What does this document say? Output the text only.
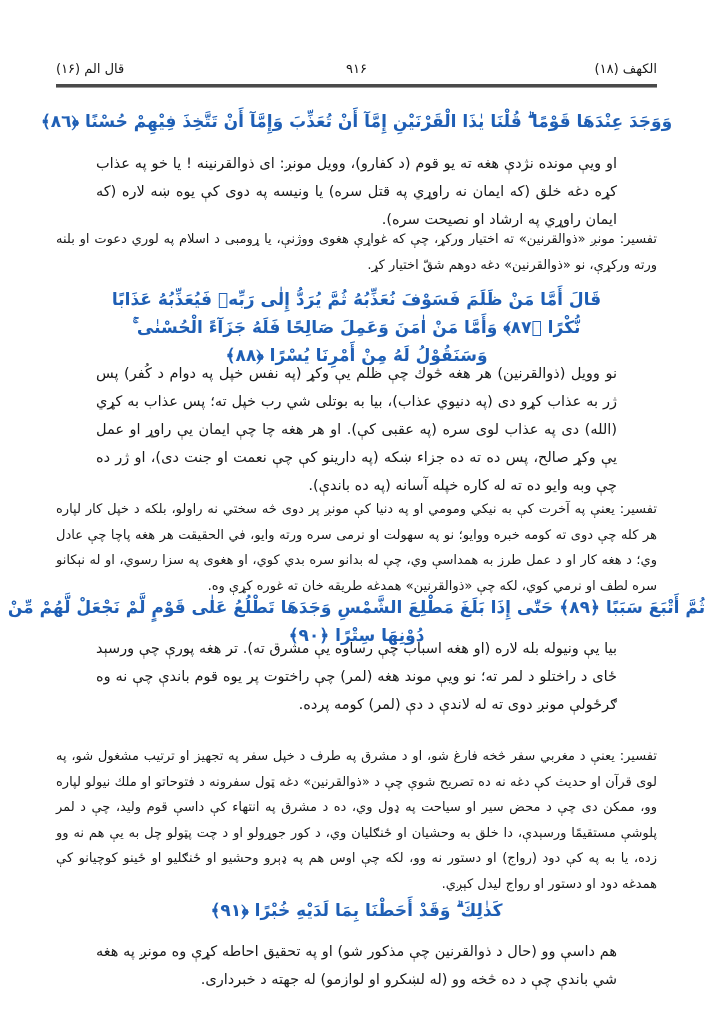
الكهف (١٨)
٩١۶
قال الم (١۶)
وَوَجَدَ عِنْدَهَا قَوْمًا ۗ قُلْنَا يٰذَا الْقَرْنَيْنِ إِمَّآ أَنْ تُعَذِّبَ وَإِمَّآ أَنْ تَتَّخِذَ فِيْهِمْ حُسْنًا ﴿٨٦﴾
او ويې مونده نژدې هغه ته يو قوم (د كفارو)، وويل مونږ: اى ذوالقرنينه ! يا خو په عذاب كړه دغه خلق (كه ايمان نه راوړي په قتل سره) يا ونيسه په دوى كې يوه ښه لاره (كه ايمان راوړي په ارشاد او نصيحت سره).
تفسير: مونږ «ذوالقرنين» ته اختيار وركړ، چې كه غواړې هغوى ووژنې، يا ړومبى د اسلام په لوري دعوت او بلنه ورته وركړې، نو «ذوالقرنين» دغه دوهم شقّ اختيار كړ.
قَالَ أَمَّا مَنْ ظَلَمَ فَسَوْفَ نُعَذِّبُهُ ثُمَّ يُرَدُّ إِلٰى رَبِّهٖ فَيُعَذِّبُهُ عَذَابًا نُّكْرًا ﴿٨٧﴾ وَأَمَّا مَنْ اٰمَنَ وَعَمِلَ صَالِحًا فَلَهُ جَزَآءً الْحُسْنٰى ۚ وَسَنَقُوْلُ لَهُ مِنْ أَمْرِنَا يُسْرًا ﴿٨٨﴾
نو وويل (ذوالقرنين) هر هغه څوك چې ظلم يې وكړ (په نفس خپل په دوام د كُفر) پس ژر به عذاب كړو دى (په دنيوي عذاب)، بيا به بوتلى شي رب خپل ته؛ پس عذاب به كړي (الله) دى په عذاب لوى سره (په عقبى كې). او هر هغه چا چې ايمان يې راوړ او عمل يې وكړ صالح، پس ده ته ده جزاء ښكه (په دارينو كې چې نعمت او جنت دى)، او ژر ده چې وبه وايو ده ته له كاره خپله آسانه (په ده باندې).
تفسير: يعنې په آخرت كې به نيكي ومومي او په دنيا كې مونږ پر دوى څه سختي نه راولو، بلكه د خپل كار لپاره هر كله چې دوى ته كومه خبره ووايو؛ نو په سهولت او نرمى سره ورته وايو، في الحقيقت هر هغه پاچا چې عادل وي؛ د هغه كار او د عمل طرز به همداسې وي، چې له بدانو سره بدي كوي، او هغوى په سزا رسوي، او له نېكانو سره لطف او نرمي كوي، لكه چې «ذوالقرنين» همدغه طريقه خان ته غوره كړې وه.
ثُمَّ أَتْبَعَ سَبَبًا ﴿٨٩﴾ حَتّٰى إِذَا بَلَغَ مَطْلِعَ الشَّمْسِ وَجَدَهَا تَطْلُعُ عَلٰى قَوْمٍ لَّمْ نَجْعَلْ لَّهُمْ مِّنْ دُوْنِهَا سِتْرًا ﴿٩٠﴾
بيا يې ونيوله بله لاره (او هغه اسباب چې رساوه يې مشرق ته). تر هغه پورې چې ورسېد ځاى د راختلو د لمر ته؛ نو ويې موند هغه (لمر) چې راختوت پر يوه قوم باندې چې نه وه ګرځولې مونږ دوى ته له لاندې د دې (لمر) كومه پرده.
تفسير: يعنې د مغربي سفر څخه فارغ شو، او د مشرق په طرف د خپل سفر په تجهيز او ترتيب مشغول شو، په لوى قرآن او حديث كې دغه نه ده تصريح شوې چې د «ذوالقرنين» دغه ټول سفرونه د فتوحاتو او ملك نيولو لپاره وو، ممكن دى چې د محض سير او سياحت په ډول وي، ده د مشرق په انتهاء كې داسې قوم وليد، چې د لمر پلوشې مستقيمًا ورسېدې، دا خلق به وحشيان او ځنګليان وي، د كور جوړولو او د چت پټولو چل به يې هم نه وو زده، يا به په كې دود (رواج) او دستور نه وو، لكه چې اوس هم په ډېرو وحشيو او ځنګليو او ځينو كوچيانو كې همدغه دود او دستور او رواج ليدل كېږي.
كَذٰلِكَ ۗ وَقَدْ أَحَطْنَا بِمَا لَدَيْهِ خُبْرًا ﴿٩١﴾
هم داسې وو (حال د ذوالقرنين چې مذكور شو) او په تحقيق احاطه كړې وه مونږ په هغه شي باندې چې د ده څخه وو (له لښكرو او لوازمو) له جهته د خبردارى.
